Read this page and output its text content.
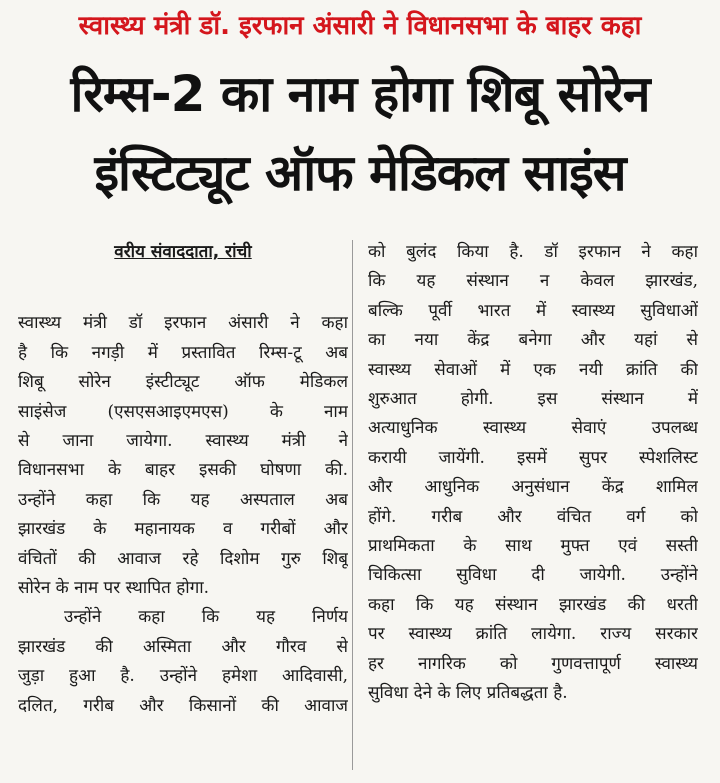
स्वास्थ्य मंत्री डॉ. इरफान अंसारी ने विधानसभा के बाहर कहा
रिम्स-2 का नाम होगा शिबू सोरेन
इंस्टिट्यूट ऑफ मेडिकल साइंस
वरीय संवाददाता, रांची
स्वास्थ्य मंत्री डॉ इरफान अंसारी ने कहा
है कि नगड़ी में प्रस्तावित रिम्स-टू अब
शिबू सोरेन इंस्टीट्यूट ऑफ मेडिकल
साइंसेज (एसएसआइएमएस) के नाम
से जाना जायेगा. स्वास्थ्य मंत्री ने
विधानसभा के बाहर इसकी घोषणा की.
उन्होंने कहा कि यह अस्पताल अब
झारखंड के महानायक व गरीबों और
वंचितों की आवाज रहे दिशोम गुरु शिबू
सोरेन के नाम पर स्थापित होगा.
उन्होंने कहा कि यह निर्णय
झारखंड की अस्मिता और गौरव से
जुड़ा हुआ है. उन्होंने हमेशा आदिवासी,
दलित, गरीब और किसानों की आवाज
को बुलंद किया है. डॉ इरफान ने कहा
कि यह संस्थान न केवल झारखंड,
बल्कि पूर्वी भारत में स्वास्थ्य सुविधाओं
का नया केंद्र बनेगा और यहां से
स्वास्थ्य सेवाओं में एक नयी क्रांति की
शुरुआत होगी. इस संस्थान में
अत्याधुनिक स्वास्थ्य सेवाएं उपलब्ध
करायी जायेंगी. इसमें सुपर स्पेशलिस्ट
और आधुनिक अनुसंधान केंद्र शामिल
होंगे. गरीब और वंचित वर्ग को
प्राथमिकता के साथ मुफ्त एवं सस्ती
चिकित्सा सुविधा दी जायेगी. उन्होंने
कहा कि यह संस्थान झारखंड की धरती
पर स्वास्थ्य क्रांति लायेगा. राज्य सरकार
हर नागरिक को गुणवत्तापूर्ण स्वास्थ्य
सुविधा देने के लिए प्रतिबद्धता है.
